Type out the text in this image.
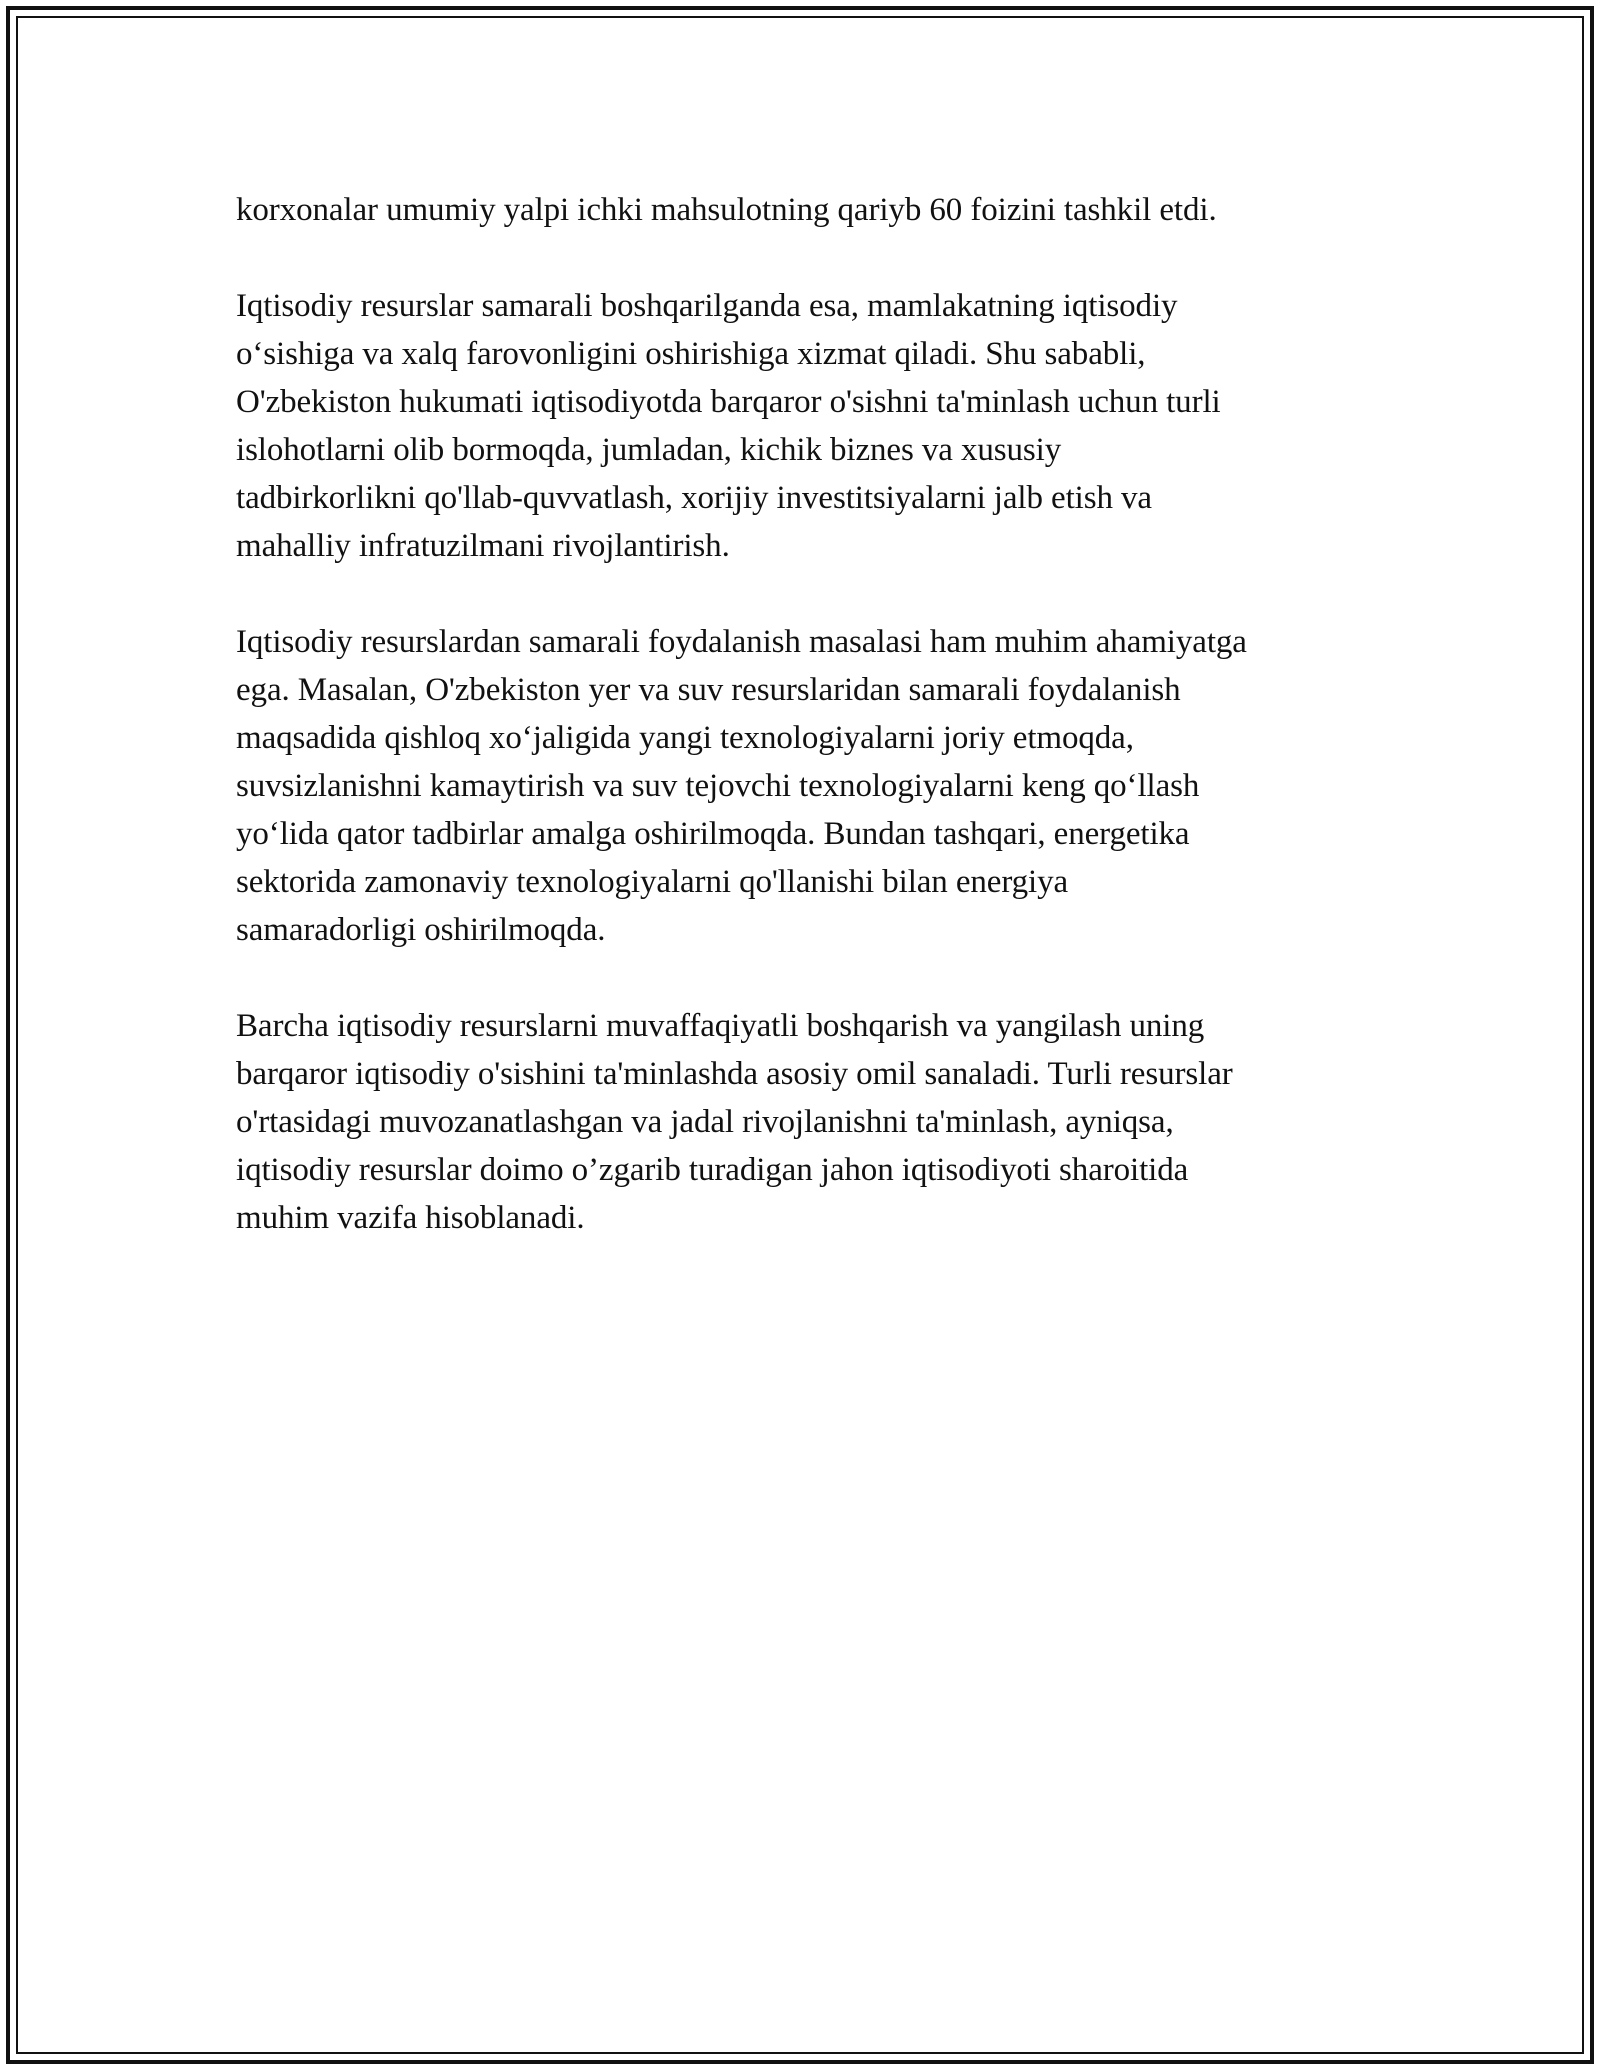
korxonalar umumiy yalpi ichki mahsulotning qariyb 60 foizini tashkil etdi.

Iqtisodiy resurslar samarali boshqarilganda esa, mamlakatning iqtisodiy
o‘sishiga va xalq farovonligini oshirishiga xizmat qiladi. Shu sababli,
O'zbekiston hukumati iqtisodiyotda barqaror o'sishni ta'minlash uchun turli
islohotlarni olib bormoqda, jumladan, kichik biznes va xususiy
tadbirkorlikni qo'llab-quvvatlash, xorijiy investitsiyalarni jalb etish va
mahalliy infratuzilmani rivojlantirish.

Iqtisodiy resurslardan samarali foydalanish masalasi ham muhim ahamiyatga
ega. Masalan, O'zbekiston yer va suv resurslaridan samarali foydalanish
maqsadida qishloq xo‘jaligida yangi texnologiyalarni joriy etmoqda,
suvsizlanishni kamaytirish va suv tejovchi texnologiyalarni keng qo‘llash
yo‘lida qator tadbirlar amalga oshirilmoqda. Bundan tashqari, energetika
sektorida zamonaviy texnologiyalarni qo'llanishi bilan energiya
samaradorligi oshirilmoqda.

Barcha iqtisodiy resurslarni muvaffaqiyatli boshqarish va yangilash uning
barqaror iqtisodiy o'sishini ta'minlashda asosiy omil sanaladi. Turli resurslar
o'rtasidagi muvozanatlashgan va jadal rivojlanishni ta'minlash, ayniqsa,
iqtisodiy resurslar doimo o’zgarib turadigan jahon iqtisodiyoti sharoitida
muhim vazifa hisoblanadi.
